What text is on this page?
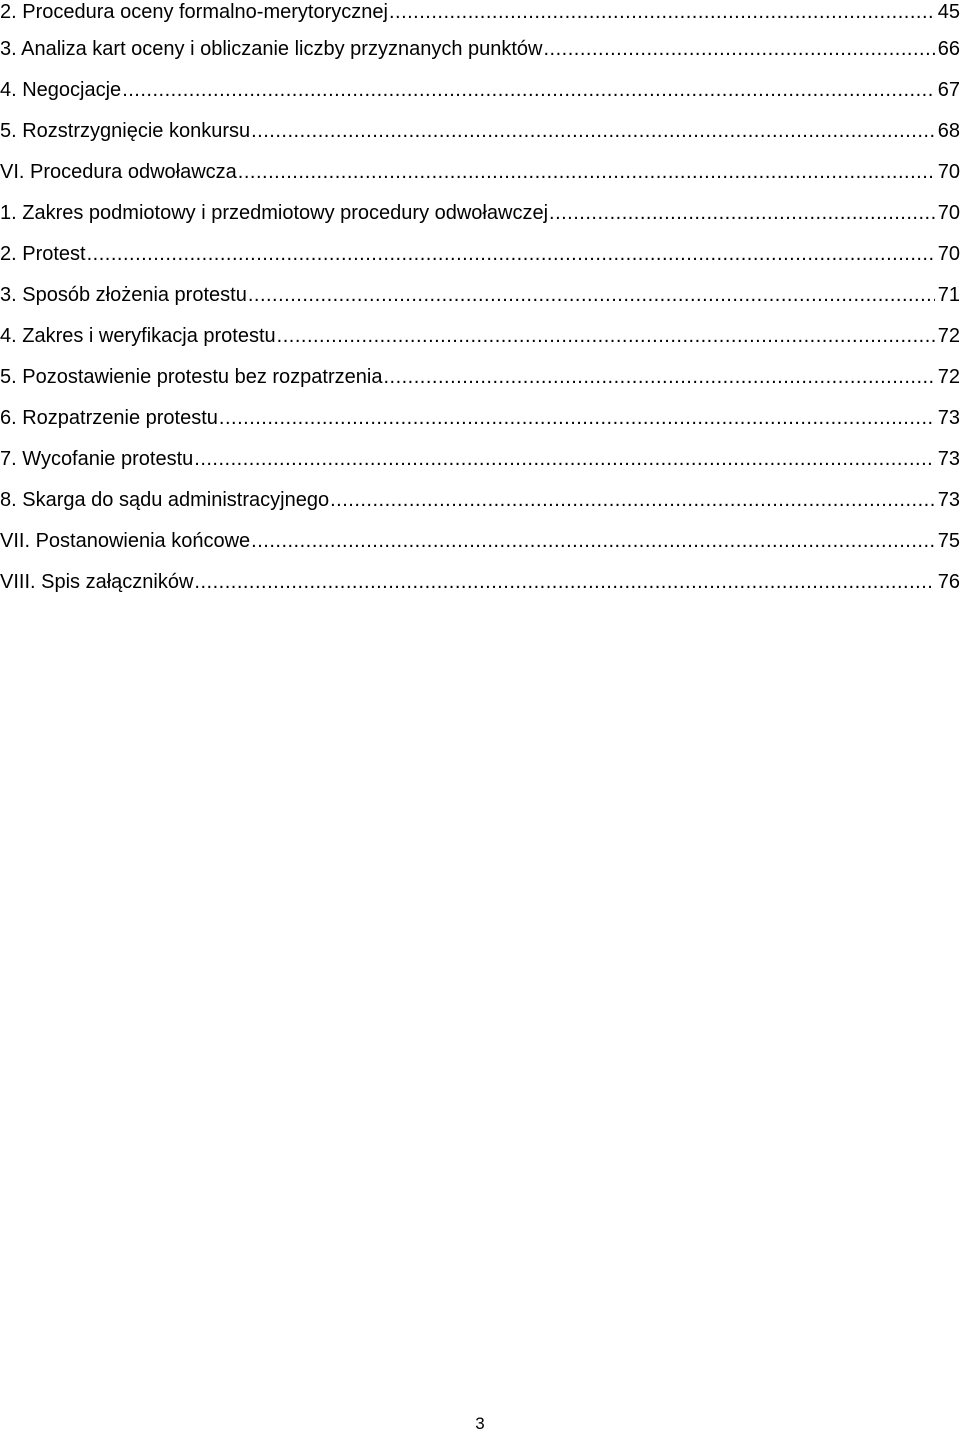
2. Procedura oceny formalno-merytorycznej .....	45
3. Analiza kart oceny i obliczanie liczby przyznanych punktów .....	66
4. Negocjacje .....	67
5. Rozstrzygnięcie konkursu .....	68
VI. Procedura odwoławcza .....	70
1. Zakres podmiotowy i przedmiotowy procedury odwoławczej .....	70
2. Protest .....	70
3. Sposób złożenia protestu .....	71
4. Zakres i weryfikacja protestu .....	72
5. Pozostawienie protestu bez rozpatrzenia .....	72
6. Rozpatrzenie protestu .....	73
7. Wycofanie protestu .....	73
8. Skarga do sądu administracyjnego .....	73
VII. Postanowienia końcowe .....	75
VIII. Spis załączników .....	76
3
